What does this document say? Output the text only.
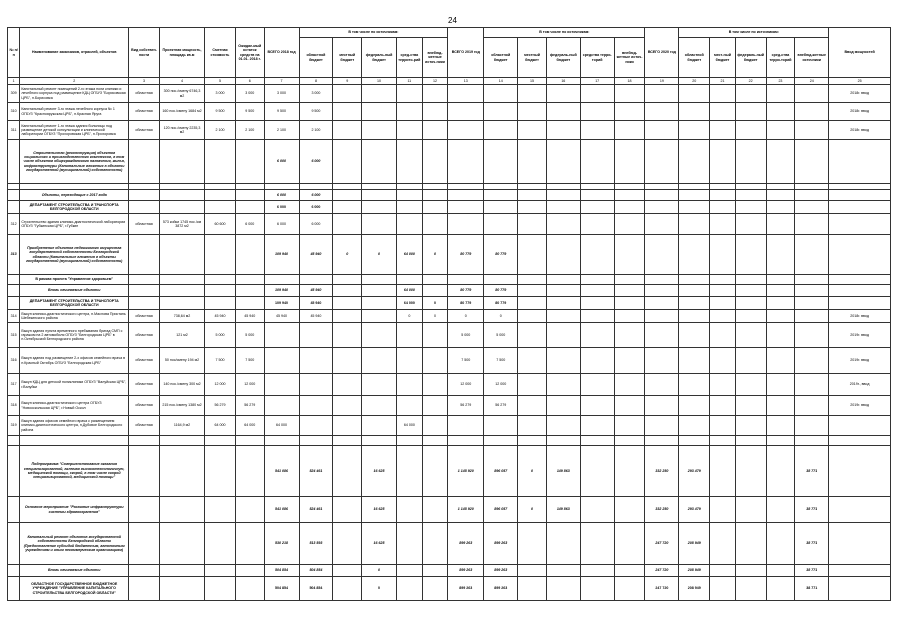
24
№ п/п	Наименование заказчиков, отраслей, объектов	Вид собствен-ности	Проектная мощность, площадь кв.м	Сметная стоимость	Ожидае-мый остаток средств на 01.01. 2018 г.	ВСЕГО 2018 год	В том числе по источникам:					ВСЕГО 2019 год	В том числе по источникам:					ВСЕГО 2020 год	В том числе по источникам:					Ввод мощностей
							областной бюджет	местный бюджет	федераль-ный бюджет	сред-ства террито-рий	внебюд-жетные источ-ники		областной бюджет	местный бюджет	федераль-ный бюджет	средства терри-торий	внебюд-жетные источ-ники		областной бюджет	мест-ный бюджет	федераль-ный бюджет	сред-ства терри-торий	внебюд-жетные источники	
1	2	3	4	5	6	7	8	9	10	11	12	13	14	15	16	17	18	19	20	21	22	23	24	25
309	Капитальный ремонт помещений 2-го этажа поли клиники и лечебного корпуса под размещение КДЦ ОГБУЗ "Борисовская ЦРБ", п.Борисовка	областная	300 пос./смену 6746,3 м2	3 000	3 000	3 000	3 000																	2018г. ввод
310	Капитальный ремонт 3-го этажа лечебного корпуса № 1 ОГБУЗ "Краснояружская ЦРБ", п.Красная Яруга	областная	160 пос./смену 1684 м2	9 500	9 500	9 500	9 500																	2018г. ввод
311	Капитальный ремонт 1-го этажа здания больницы под размещение детской консультации и клинической лаборатории ОГБУЗ "Прохоровская ЦРБ", п.Прохоровка	областная	120 пос./смену 2235,3 м2	2 100	2 100	2 100	2 100																	2018г. ввод
	Строительство (реконструкция) объектов социального и производственного комплексов, в том числе объектов общегражданского назначения, жилья, инфраструктуры (Капитальные вложения в объекты государственной (муниципальной) собственности)					6 000	6 000																	

	Объекты, переходящие с 2017 года					6 000	6 000																	
	ДЕПАРТАМЕНТ СТРОИТЕЛЬСТВА И ТРАНСПОРТА БЕЛГОРОДСКОЙ ОБЛАСТИ					6 000	6 000																	
312	Строительство здания клинико-диагностической лаборатории ОГБУЗ "Губкинская ЦРБ", г.Губкин	областная	573 койки 1745 пос./см 3872 м2	60 600	6 000	6 000	6 000																	
313	Приобретение объектов недвижимого имущества государственной собственности Белгородской области (Капитальные вложения в объекты государственной (муниципальной) собственности)					109 940	45 940	0	0	64 000	0	80 779	80 779											
	В рамках проекта "Управление здоровьем"																							
	Вновь начинаемые объекты					109 940	45 940			64 000		80 779	80 779											
	ДЕПАРТАМЕНТ СТРОИТЕЛЬСТВА И ТРАНСПОРТА БЕЛГОРОДСКОЙ ОБЛАСТИ					109 940	45 940			64 000	0	80 779	80 779											
314	Выкуп клинико-диагностического центра, п.Маслова Пристань Шебекинского района	областная	738,64 м2	45 940	45 940	45 940	45 940			0	0	0	0											2018г. ввод
315	Выкуп здания пункта временного пребывания бригад СМП с гаражом на 2 автомобиля ОГБУЗ "Белгородская ЦРБ" в п.Октябрьский Белгородского района	областная	121 м2	5 000	5 000							5 000	5 000											2019г. ввод
316	Выкуп здания под размещение 2-х офисов семейного врача в п.Красный Октябрь ОГБУЗ "Белгородская ЦРБ"	областная	50 пос/смену 194 м2	7 500	7 500							7 500	7 500											2019г. ввод
317	Выкуп КДЦ для детской поликлиники ОГБУЗ "Валуйская ЦРБ", г.Валуйки	областная	140 пос./смену 300 м2	12 000	12 000							12 000	12 000											2019г., ввод
318	Выкуп клинико-диагностического центра ОГБУЗ "Новооскольская ЦРБ", г.Новый Оскол	областная	215 пос./смену 1380 м2	56 279	56 279							56 279	56 279											2019г. ввод
319	Выкуп здания офисов семейного врача с размещением клинико-диагностического центра, п.Дубовое Белгородского района	областная	1164,9 м2	64 000	64 000	64 000				64 000														

	Подпрограмма "Совершенствование оказания специализированной, включая высокотехнологичную, медицинской помощи, скорой, в том числе скорой специализированной, медицинской помощи"					541 086	524 461		16 625			1 145 920	896 057	0	149 863			332 250	293 479				38 771	
	Основное мероприятие "Развитие инфраструктуры системы здравоохранения"					541 086	524 461		16 625			1 145 920	896 057	0	149 863			332 250	293 479				38 771	
	Капитальный ремонт объектов государственной собственности Белгородской области (Предоставление субсидий бюджетным, автономным учреждениям и иным некоммерческим организациям)					530 218	513 593		16 625			899 263	899 263					247 720	208 949				38 771	
	Вновь начинаемые объекты					504 854	504 854		0			899 263	899 263					247 720	208 949				38 771	
	ОБЛАСТНОЕ ГОСУДАРСТВЕННОЕ БЮДЖЕТНОЕ УЧРЕЖДЕНИЕ "УПРАВЛЕНИЕ КАПИТАЛЬНОГО СТРОИТЕЛЬСТВА БЕЛГОРОДСКОЙ ОБЛАСТИ"					504 854	504 854		0			899 263	899 263					247 720	208 949				38 771	
